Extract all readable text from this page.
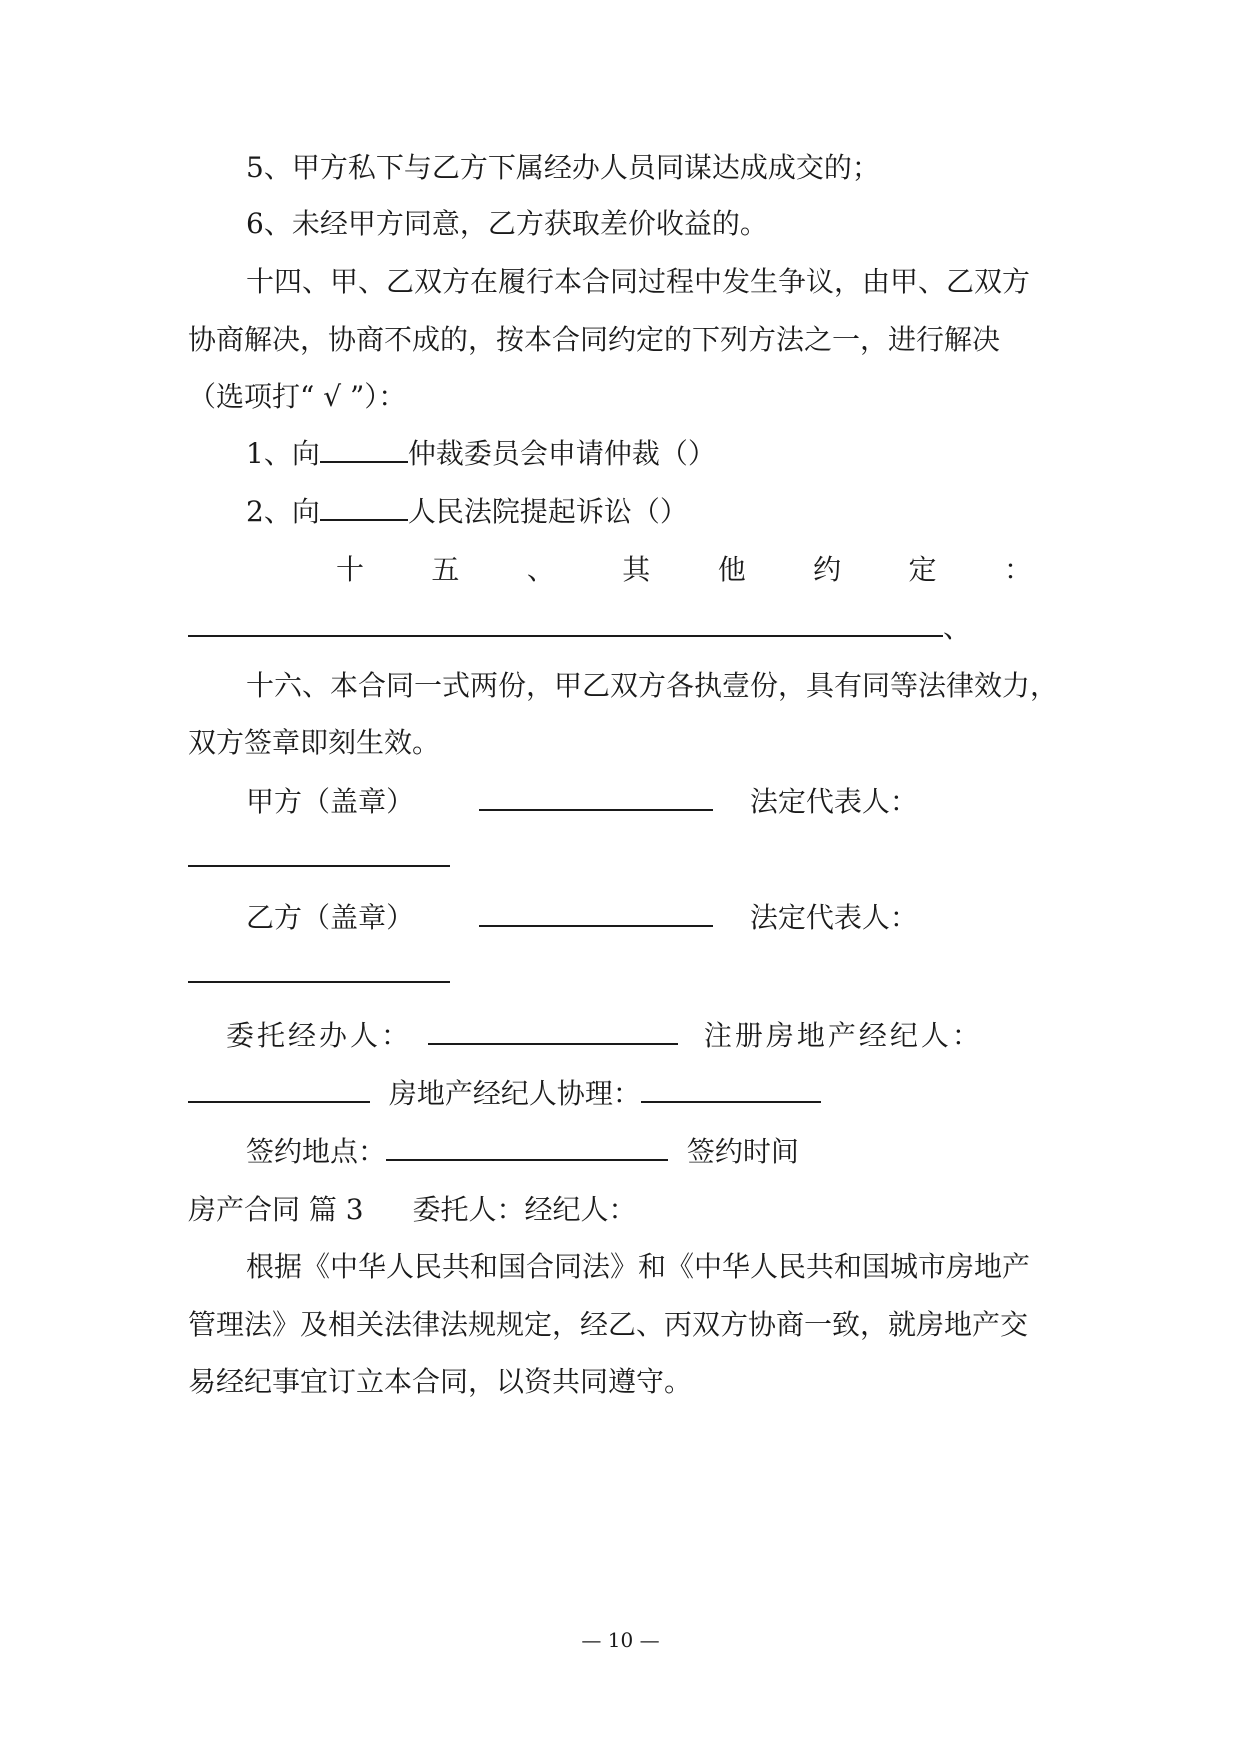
5、甲方私下与乙方下属经办人员同谋达成成交的；
6、未经甲方同意，乙方获取差价收益的。
十四、甲、乙双方在履行本合同过程中发生争议，由甲、乙双方
协商解决，协商不成的，按本合同约定的下列方法之一，进行解决
（选项打“ √ ”）：
1、向	仲裁委员会申请仲裁（）
2、向	人民法院提起诉讼（）
十 五 、 其 他 约 定 ：
、
十六、本合同一式两份，甲乙双方各执壹份，具有同等法律效力，
双方签章即刻生效。
甲方（盖章）	法定代表人：
乙方（盖章）	法定代表人：
委托经办人：	注册房地产经纪人：
房地产经纪人协理：
签约地点：	签约时间
房产合同 篇 3 委托人：经纪人：
根据《中华人民共和国合同法》和《中华人民共和国城市房地产
管理法》及相关法律法规规定，经乙、丙双方协商一致，就房地产交
易经纪事宜订立本合同，以资共同遵守。
— 10 —
